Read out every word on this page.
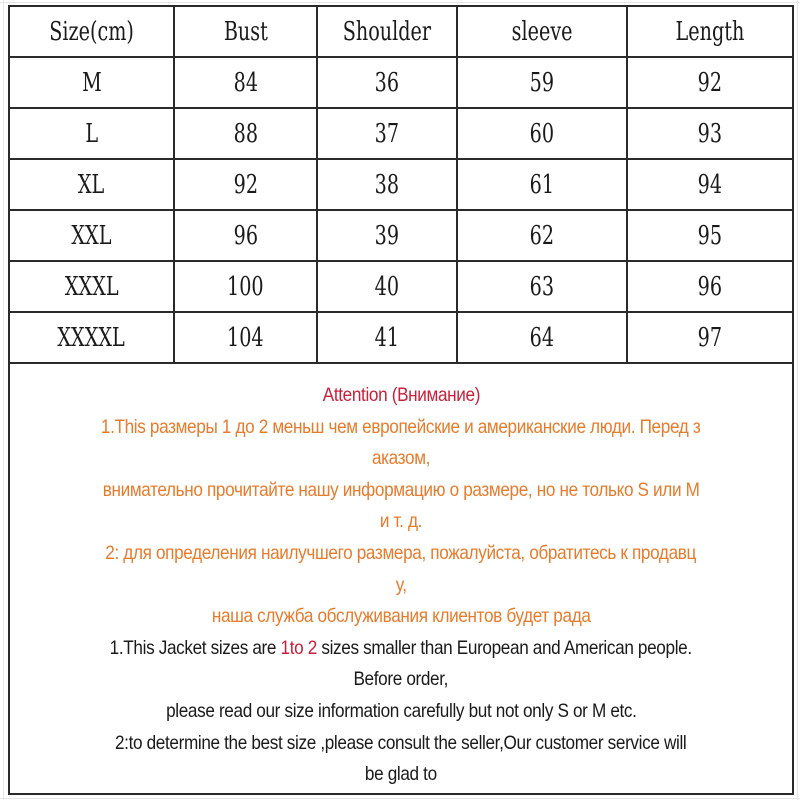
Size(cm)	Bust	Shoulder	sleeve	Length
M	84	36	59	92
L	88	37	60	93
XL	92	38	61	94
XXL	96	39	62	95
XXXL	100	40	63	96
XXXXL	104	41	64	97
Attention (Внимание)
1.This размеры 1 до 2 меньш чем европейские и американские люди. Перед з
аказом,
внимательно прочитайте нашу информацию о размере, но не только S или M
и т. д.
2: для определения наилучшего размера, пожалуйста, обратитесь к продавц
у,
наша служба обслуживания клиентов будет рада
1.This Jacket sizes are 1to 2 sizes smaller than European and American people.
Before order,
please read our size information carefully but not only S or M etc.
2:to determine the best size ,please consult the seller,Our customer service will
be glad to
